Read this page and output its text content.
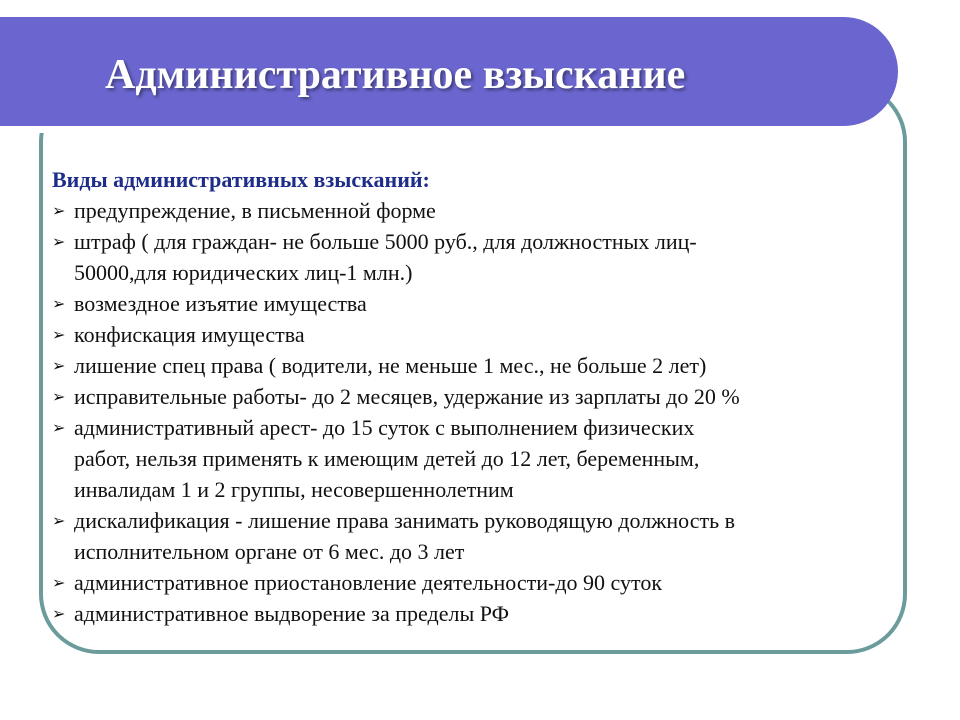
Административное взыскание

Виды административных взысканий:

➢ предупреждение, в письменной форме
➢ штраф ( для граждан- не больше 5000 руб., для должностных лиц-
50000,для юридических лиц-1 млн.)
➢ возмездное изъятие имущества
➢ конфискация имущества
➢ лишение спец права ( водители, не меньше 1 мес., не больше 2 лет)
➢ исправительные работы- до 2 месяцев, удержание из зарплаты до 20 %
➢ административный арест- до 15 суток с выполнением физических
работ, нельзя применять к имеющим детей до 12 лет, беременным,
инвалидам 1 и 2 группы, несовершеннолетним
➢ дискалификация - лишение права занимать руководящую должность в
исполнительном органе от 6 мес. до 3 лет
➢ административное приостановление деятельности-до 90 суток
➢ административное выдворение за пределы РФ
